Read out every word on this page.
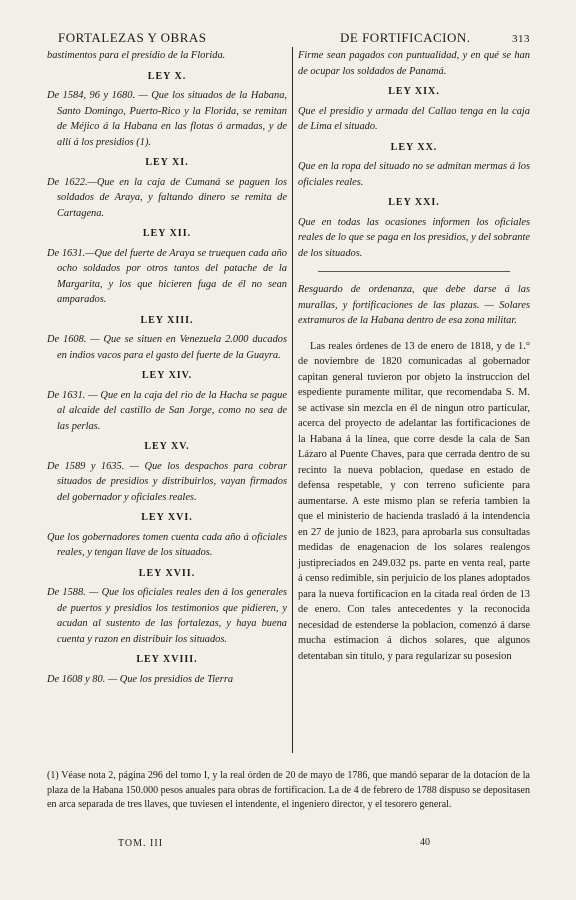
FORTALEZAS Y OBRAS	DE FORTIFICACION.	313

bastimentos para el presidio de la Florida.

LEY X.

De 1584, 96 y 1680. — Que los situados de la Habana, Santo Domingo, Puerto-Rico y la Florida, se remitan de Méjico á la Habana en las flotas ó armadas, y de allí á los presidios (1).

LEY XI.

De 1622.—Que en la caja de Cumaná se paguen los soldados de Araya, y faltando dinero se remita de Cartagena.

LEY XII.

De 1631.—Que del fuerte de Araya se truequen cada año ocho soldados por otros tantos del patache de la Margarita, y los que hicieren fuga de él no sean amparados.

LEY XIII.

De 1608. — Que se situen en Venezuela 2.000 ducados en indios vacos para el gasto del fuerte de la Guayra.

LEY XIV.

De 1631. — Que en la caja del rio de la Hacha se pague al alcaide del castillo de San Jorge, como no sea de las perlas.

LEY XV.

De 1589 y 1635. — Que los despachos para cobrar situados de presidios y distribuirlos, vayan firmados del gobernador y oficiales reales.

LEY XVI.

Que los gobernadores tomen cuenta cada año á oficiales reales, y tengan llave de los situados.

LEY XVII.

De 1588. — Que los oficiales reales den á los generales de puertos y presidios los testimonios que pidieren, y acudan al sustento de las fortalezas, y haya buena cuenta y razon en distribuir los situados.

LEY XVIII.

De 1608 y 80. — Que los presidios de Tierra

Firme sean pagados con puntualidad, y en qué se han de ocupar los soldados de Panamá.

LEY XIX.

Que el presidio y armada del Callao tenga en la caja de Lima el situado.

LEY XX.

Que en la ropa del situado no se admitan mermas á los oficiales reales.

LEY XXI.

Que en todas las ocasiones informen los oficiales reales de lo que se paga en los presidios, y del sobrante de los situados.

Resguardo de ordenanza, que debe darse á las murallas, y fortificaciones de las plazas. — Solares extramuros de la Habana dentro de esa zona militar.

Las reales órdenes de 13 de enero de 1818, y de 1.° de noviembre de 1820 comunicadas al gobernador capitan general tuvieron por objeto la instruccion del espediente puramente militar, que recomendaba S. M. se activase sin mezcla en él de ningun otro particular, acerca del proyecto de adelantar las fortificaciones de la Habana á la línea, que corre desde la cala de San Lázaro al Puente Chaves, para que cerrada dentro de su recinto la nueva poblacion, quedase en estado de defensa respetable, y con terreno suficiente para aumentarse. A este mismo plan se referia tambien la que el ministerio de hacienda trasladó á la intendencia en 27 de junio de 1823, para aprobarla sus consultadas medidas de enagenacion de los solares realengos justipreciados en 249.032 ps. parte en venta real, parte á censo redimible, sin perjuicio de los planes adoptados para la nueva fortificacion en la citada real órden de 13 de enero. Con tales antecedentes y la reconocida necesidad de estenderse la poblacion, comenzó á darse mucha estimacion á dichos solares, que algunos detentaban sin título, y para regularizar su posesion

(1) Véase nota 2, página 296 del tomo I, y la real órden de 20 de mayo de 1786, que mandó separar de la dotacion de la plaza de la Habana 150.000 pesos anuales para obras de fortificacion. La de 4 de febrero de 1788 dispuso se depositasen en arca separada de tres llaves, que tuviesen el intendente, el ingeniero director, y el tesorero general.

TOM. III	40
